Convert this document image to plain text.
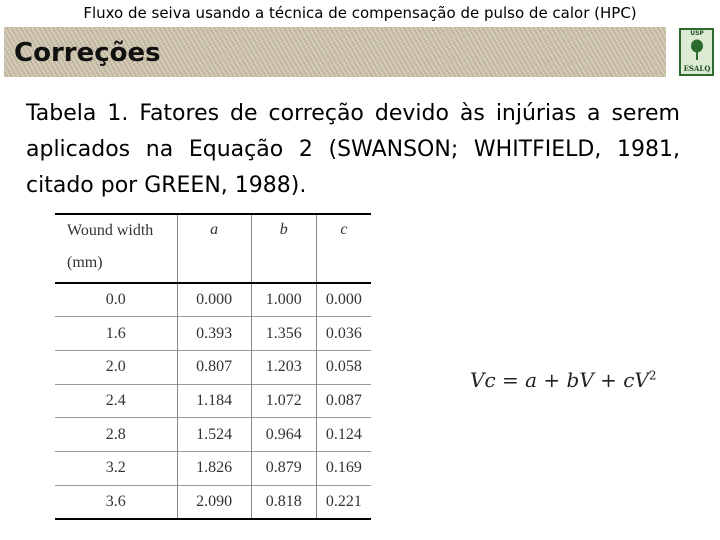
Fluxo de seiva usando a técnica de compensação de pulso de calor (HPC)
Correções
USP
ESALQ
Tabela 1. Fatores de correção devido às injúrias a serem aplicados na Equação 2 (SWANSON; WHITFIELD, 1981, citado por GREEN, 1988).
Wound width (mm)	a	b	c
0.0	0.000	1.000	0.000
1.6	0.393	1.356	0.036
2.0	0.807	1.203	0.058
2.4	1.184	1.072	0.087
2.8	1.524	0.964	0.124
3.2	1.826	0.879	0.169
3.6	2.090	0.818	0.221
Vc = a + bV + $cV^2$
